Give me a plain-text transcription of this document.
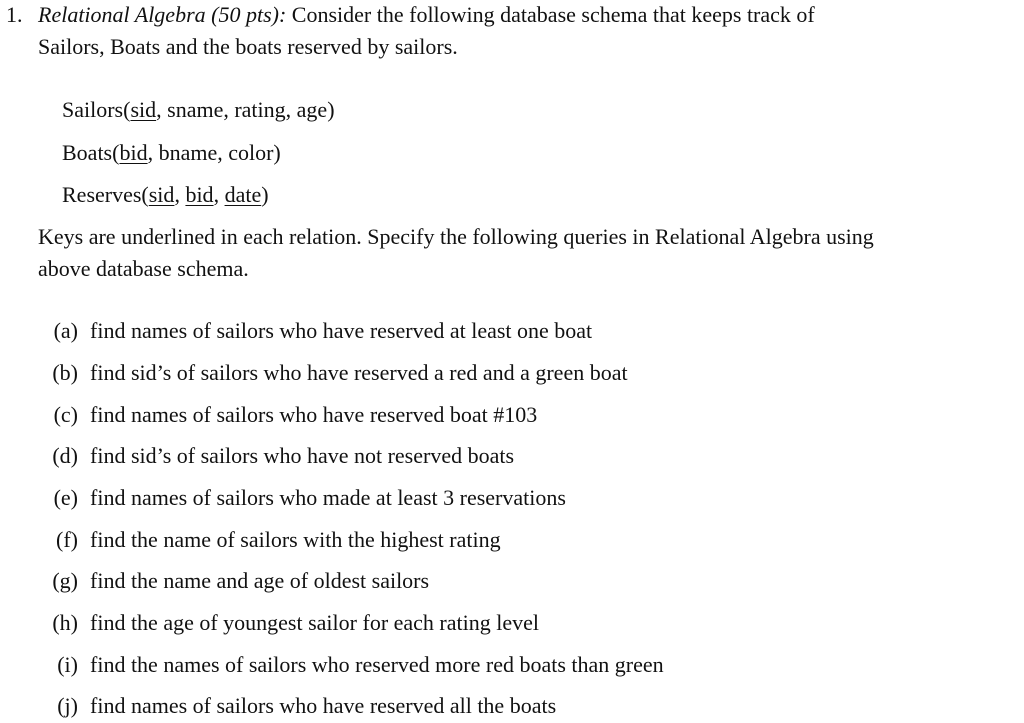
1. Relational Algebra (50 pts): Consider the following database schema that keeps track of
Sailors, Boats and the boats reserved by sailors.
Sailors(sid, sname, rating, age)
Boats(bid, bname, color)
Reserves(sid, bid, date)
Keys are underlined in each relation. Specify the following queries in Relational Algebra using
above database schema.
(a) find names of sailors who have reserved at least one boat
(b) find sid’s of sailors who have reserved a red and a green boat
(c) find names of sailors who have reserved boat #103
(d) find sid’s of sailors who have not reserved boats
(e) find names of sailors who made at least 3 reservations
(f) find the name of sailors with the highest rating
(g) find the name and age of oldest sailors
(h) find the age of youngest sailor for each rating level
(i) find the names of sailors who reserved more red boats than green
(j) find names of sailors who have reserved all the boats
